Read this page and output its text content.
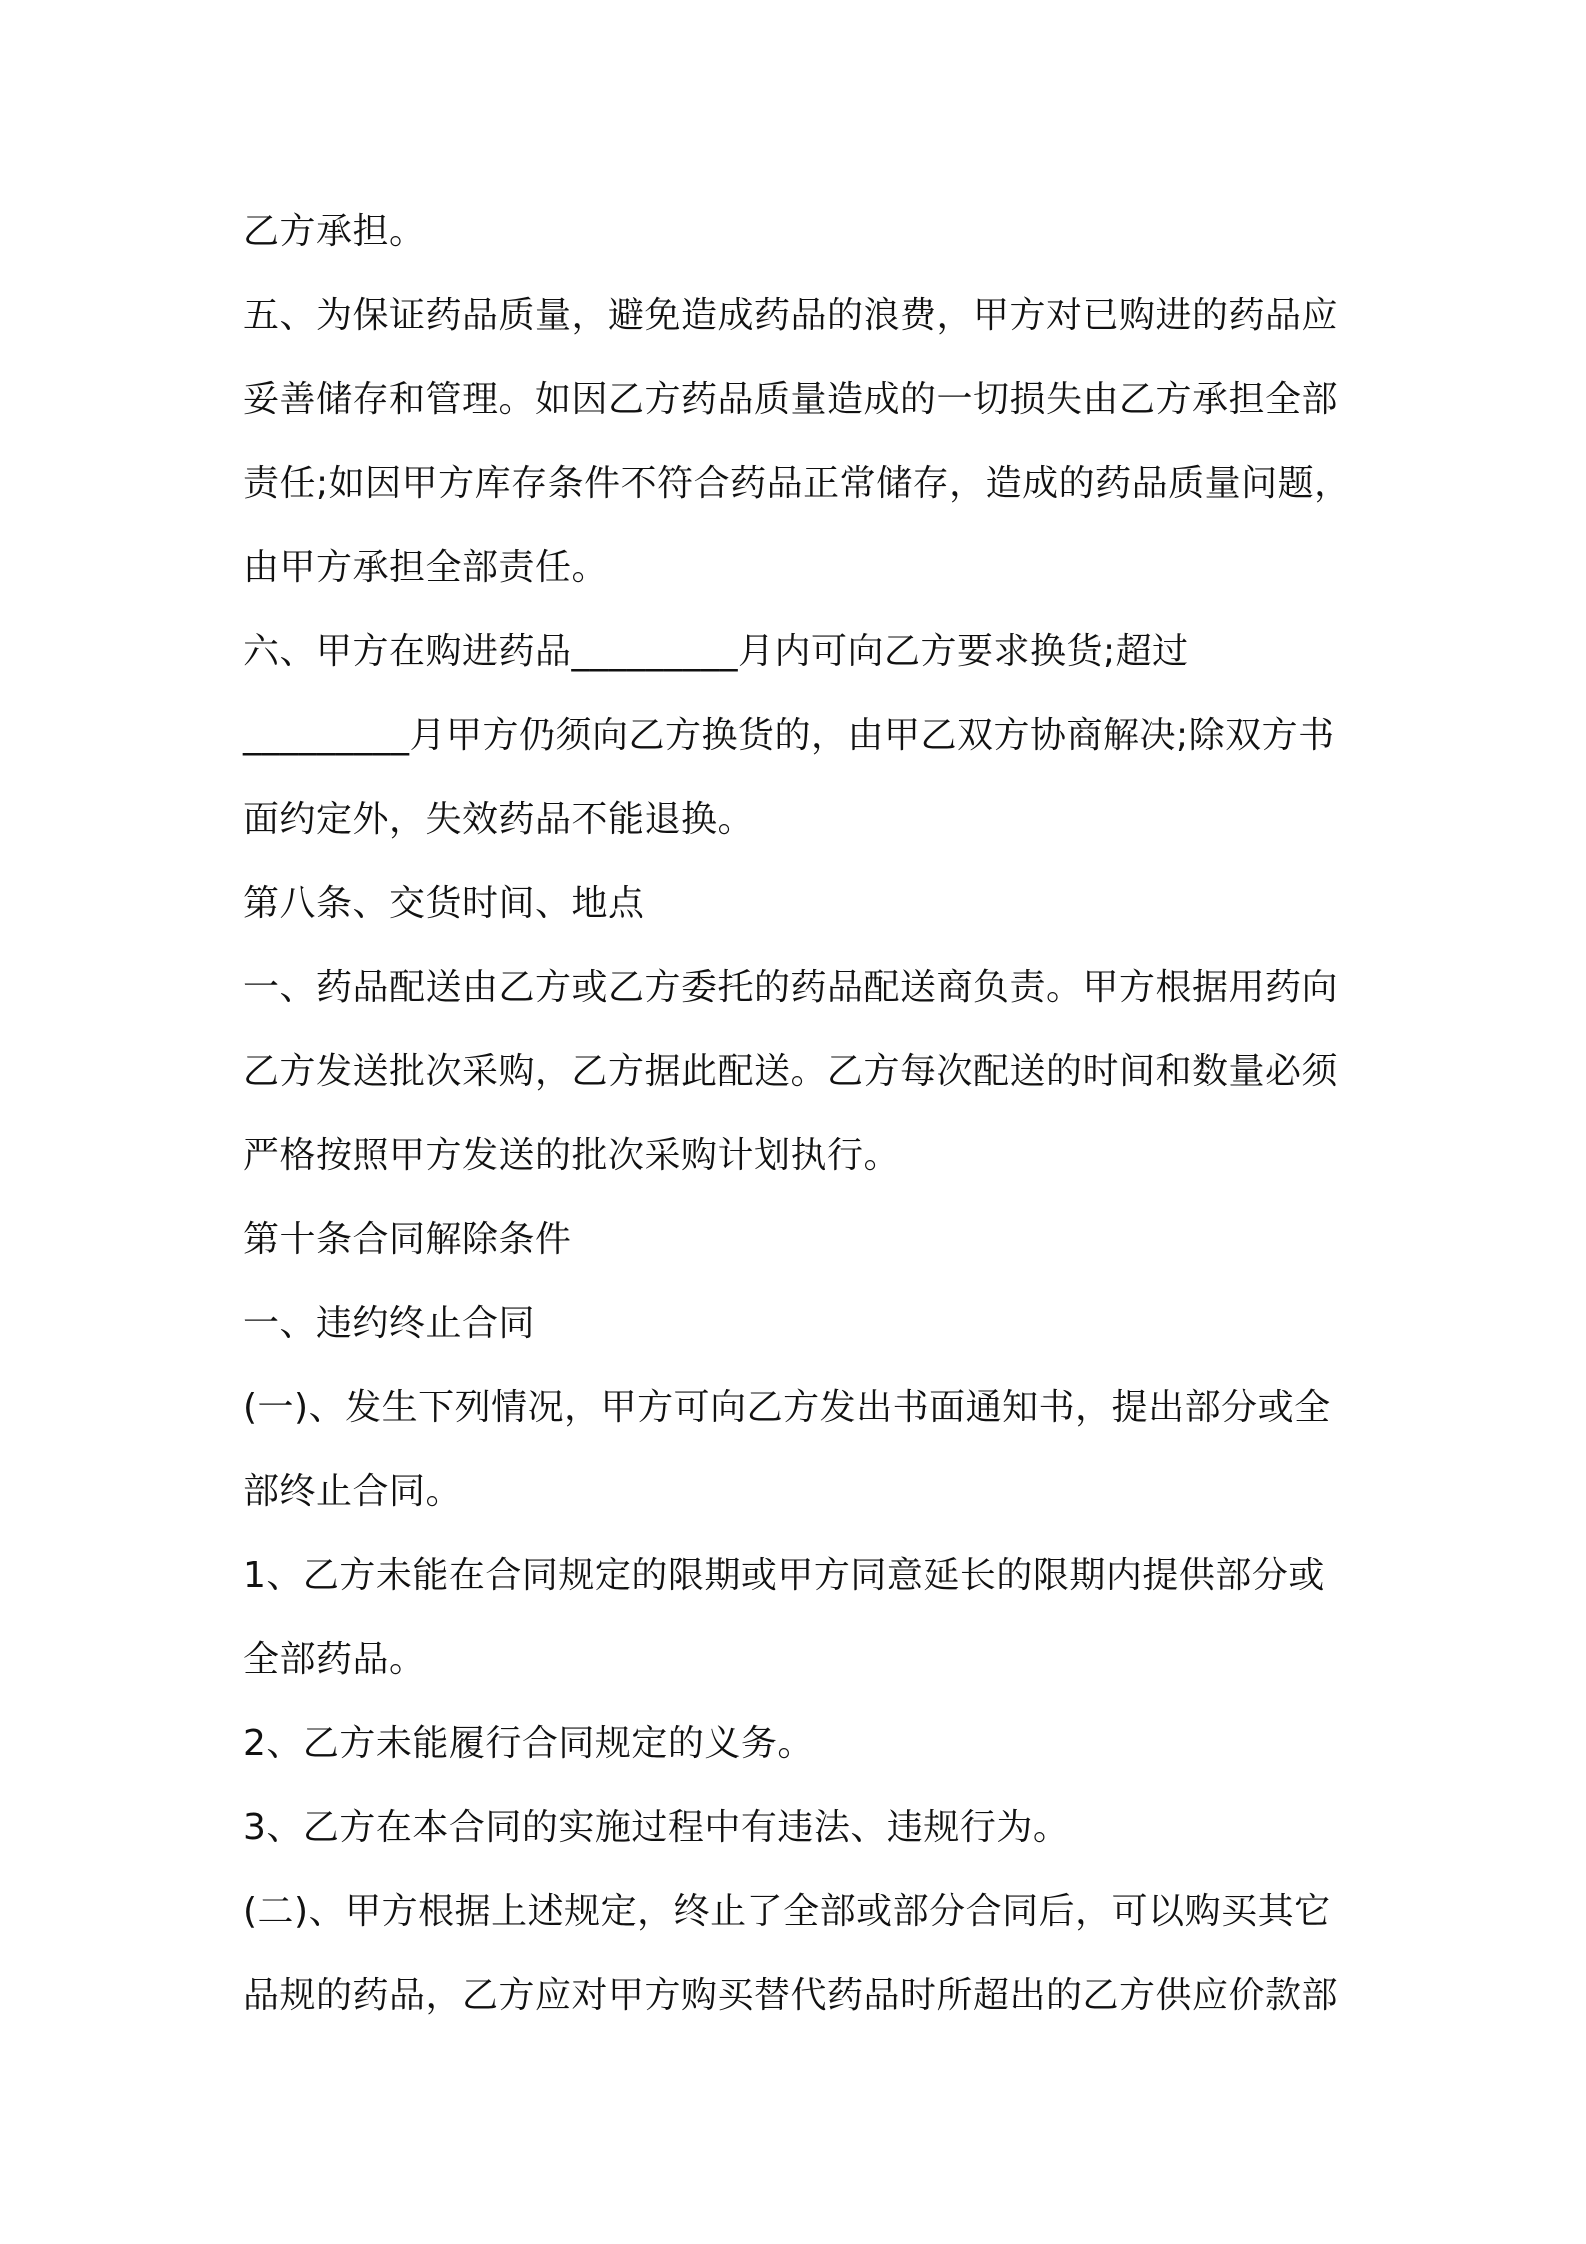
乙方承担。

五、为保证药品质量，避免造成药品的浪费，甲方对已购进的药品应

妥善储存和管理。如因乙方药品质量造成的一切损失由乙方承担全部

责任;如因甲方库存条件不符合药品正常储存，造成的药品质量问题，

由甲方承担全部责任。

六、甲方在购进药品_________月内可向乙方要求换货;超过

_________月甲方仍须向乙方换货的，由甲乙双方协商解决;除双方书

面约定外，失效药品不能退换。

第八条、交货时间、地点

一、药品配送由乙方或乙方委托的药品配送商负责。甲方根据用药向

乙方发送批次采购，乙方据此配送。乙方每次配送的时间和数量必须

严格按照甲方发送的批次采购计划执行。

第十条合同解除条件

一、违约终止合同

(一)、发生下列情况，甲方可向乙方发出书面通知书，提出部分或全

部终止合同。

1、乙方未能在合同规定的限期或甲方同意延长的限期内提供部分或

全部药品。

2、乙方未能履行合同规定的义务。

3、乙方在本合同的实施过程中有违法、违规行为。

(二)、甲方根据上述规定，终止了全部或部分合同后，可以购买其它

品规的药品，乙方应对甲方购买替代药品时所超出的乙方供应价款部
